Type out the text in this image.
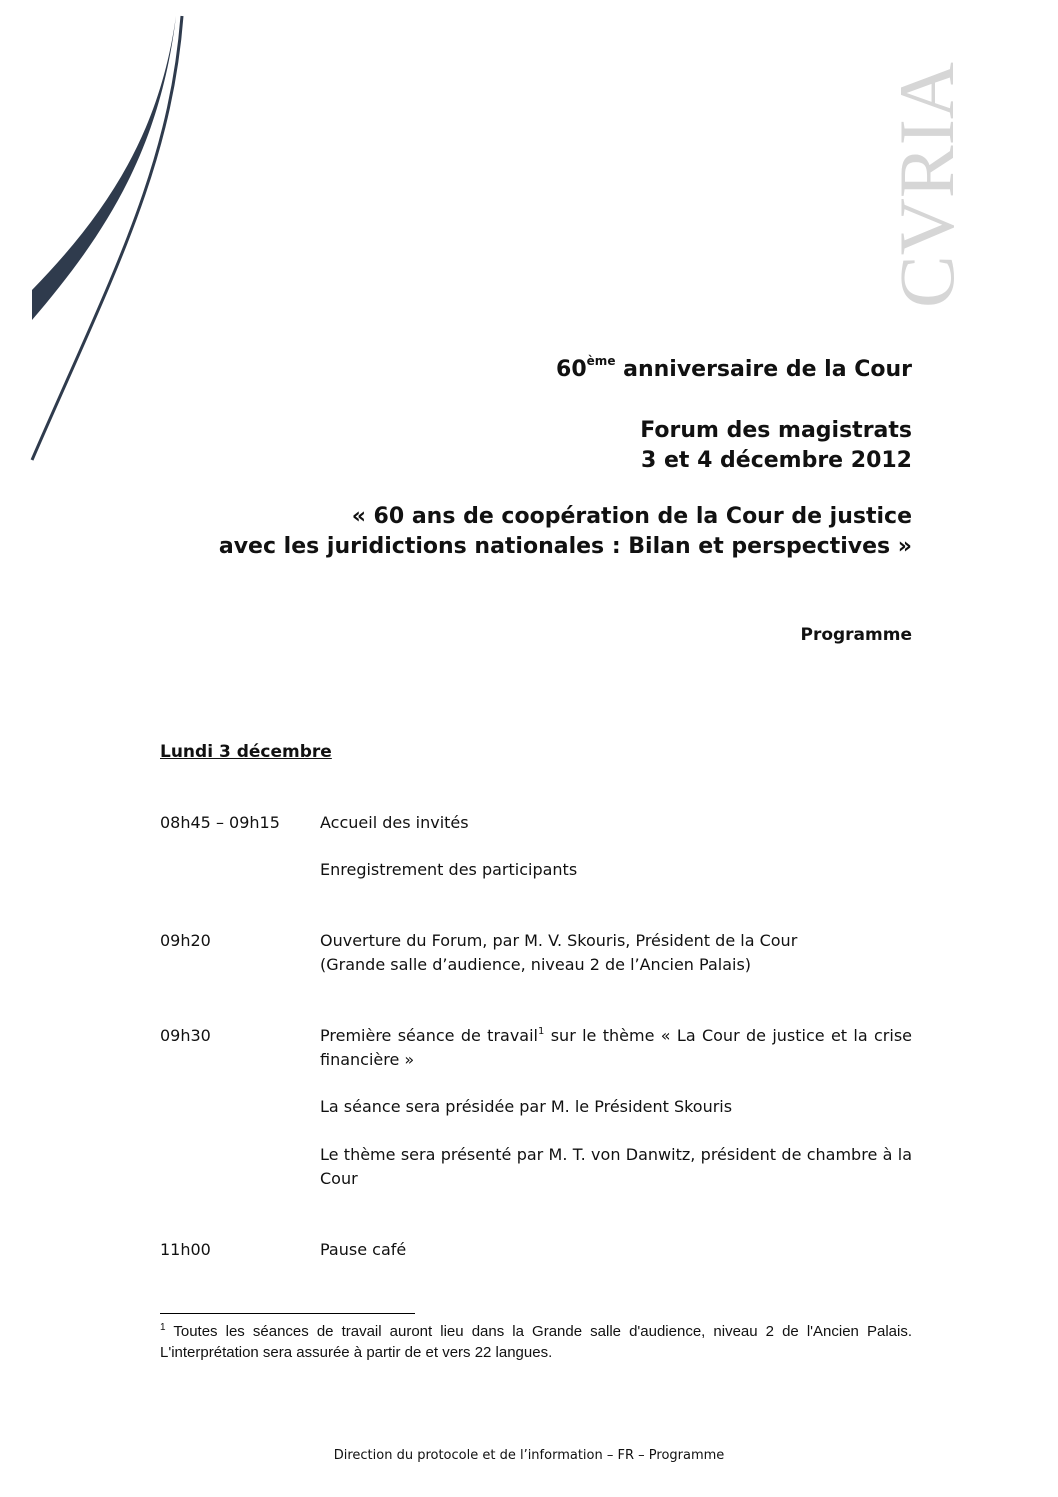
CVRIA
60ème anniversaire de la Cour
Forum des magistrats
3 et 4 décembre 2012
« 60 ans de coopération de la Cour de justice
avec les juridictions nationales : Bilan et perspectives »
Programme
Lundi 3 décembre
08h45 – 09h15	Accueil des invités
Enregistrement des participants
09h20	Ouverture du Forum, par M. V. Skouris, Président de la Cour
(Grande salle d’audience, niveau 2 de l’Ancien Palais)
09h30	Première séance de travail$^1$ sur le thème « La Cour de justice et la crise financière »
La séance sera présidée par M. le Président Skouris
Le thème sera présenté par M. T. von Danwitz, président de chambre à la Cour
11h00	Pause café
$^1$ Toutes les séances de travail auront lieu dans la Grande salle d'audience, niveau 2 de l'Ancien Palais. L'interprétation sera assurée à partir de et vers 22 langues.
Direction du protocole et de l’information – FR – Programme
